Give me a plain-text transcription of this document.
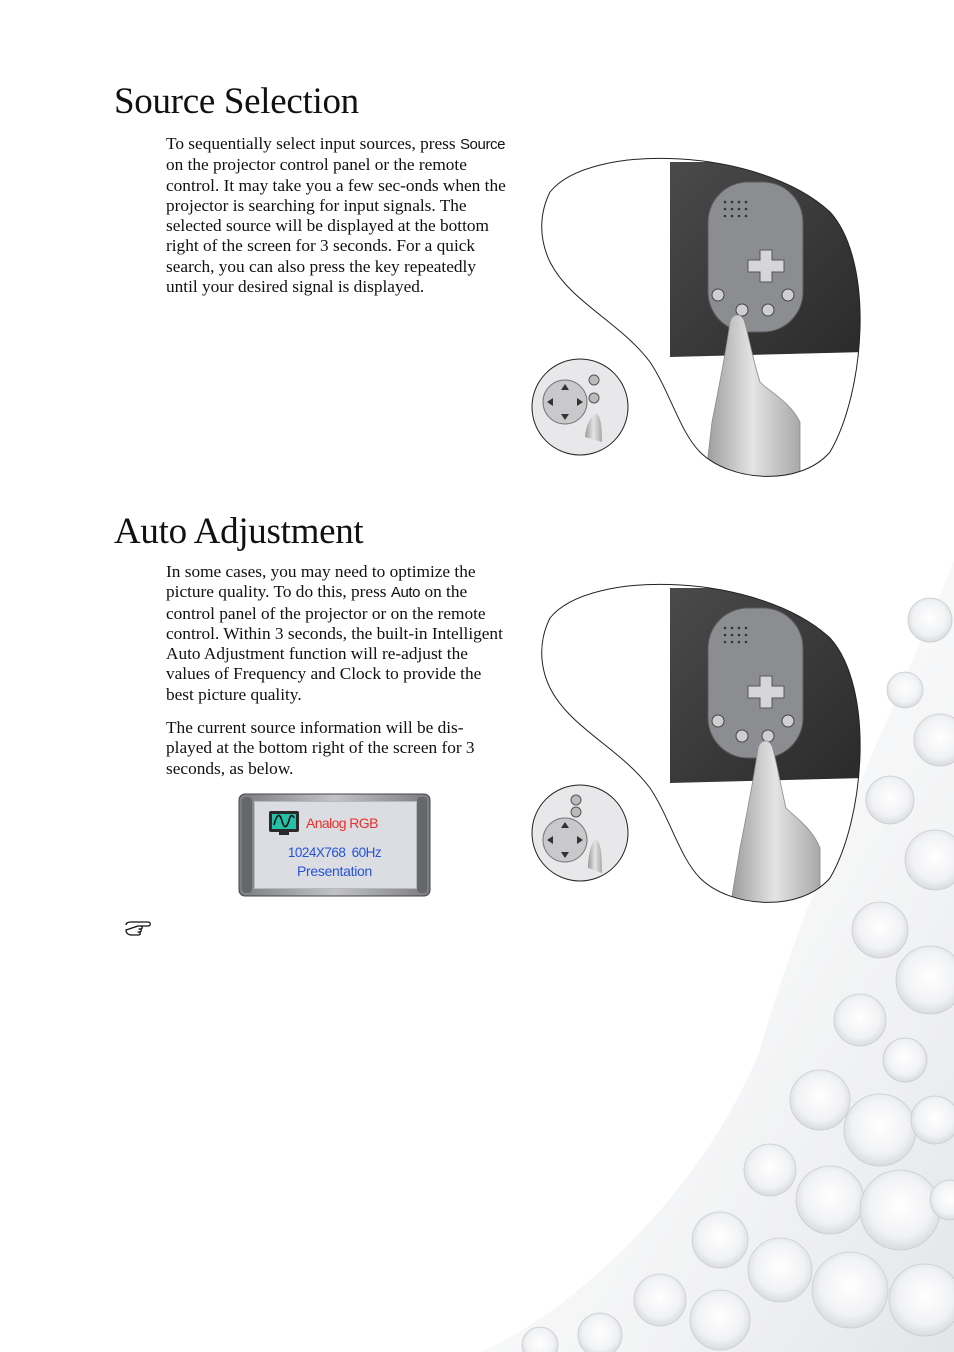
Source Selection

To sequentially select input sources, press Source on the projector control panel or the remote control. It may take you a few sec-onds when the projector is searching for input signals. The selected source will be displayed at the bottom right of the screen for 3 seconds. For a quick search, you can also press the key repeatedly until your desired signal is displayed.

Auto Adjustment

In some cases, you may need to optimize the picture quality. To do this, press Auto on the control panel of the projector or on the remote control. Within 3 seconds, the built-in Intelligent Auto Adjustment function will re-adjust the values of Frequency and Clock to provide the best picture quality.

The current source information will be dis-played at the bottom right of the screen for 3 seconds, as below.

Analog RGB
1024X768 60Hz
Presentation
